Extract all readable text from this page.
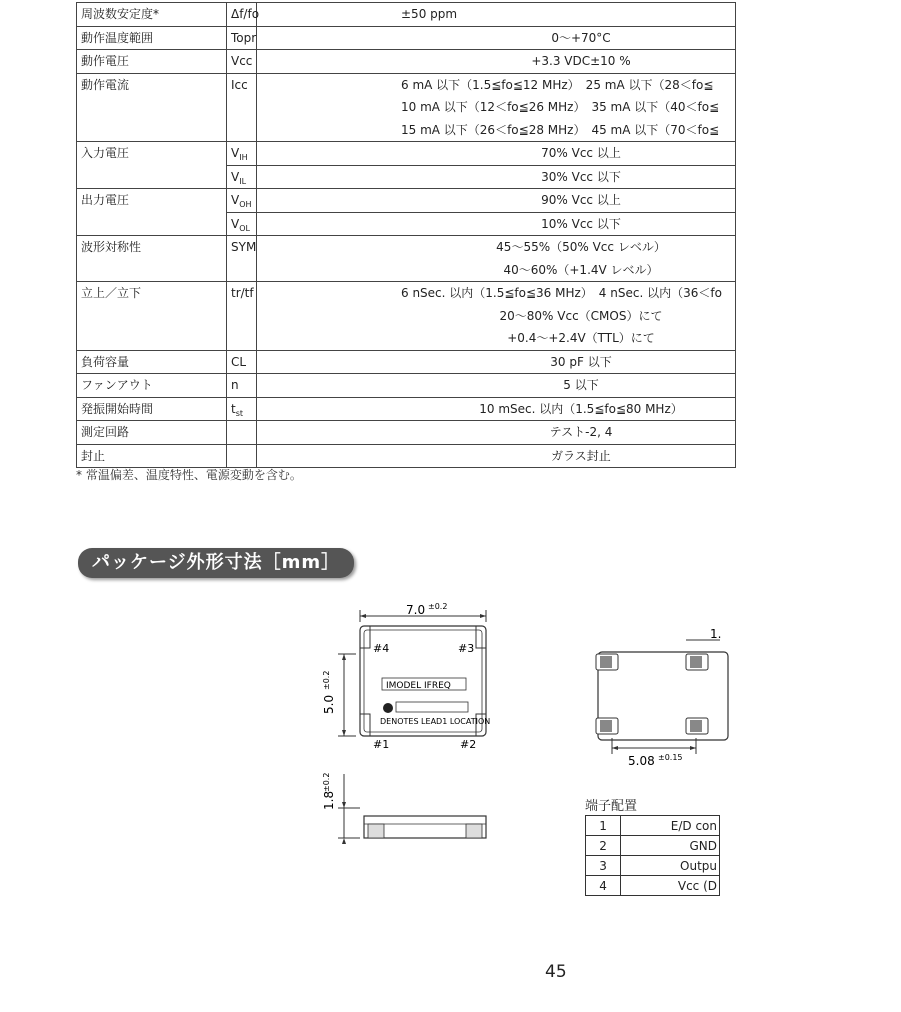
周波数安定度*	Δf/fo	±50 ppm

動作温度範囲	Topr	0～+70°C

動作電圧	Vcc	+3.3 VDC±10 %

動作電流	Icc	6 mA 以下（1.5≦fo≦12 MHz）　25 mA 以下（28＜fo≦
10 mA 以下（12＜fo≦26 MHz）　35 mA 以下（40＜fo≦
15 mA 以下（26＜fo≦28 MHz）　45 mA 以下（70＜fo≦

入力電圧	$V_{IH}$	70% Vcc 以上

	$V_{IL}$	30% Vcc 以下

出力電圧	$V_{OH}$	90% Vcc 以上

	$V_{OL}$	10% Vcc 以下

波形対称性	SYM	45～55%（50% Vcc レベル）
40～60%（+1.4V レベル）

立上／立下	tr/tf	6 nSec. 以内（1.5≦fo≦36 MHz）　4 nSec. 以内（36＜fo
20～80% Vcc（CMOS）にて
+0.4～+2.4V（TTL）にて

負荷容量	CL	30 pF 以下

ファンアウト	n	5 以下

発振開始時間	$t_{st}$	10 mSec. 以内（1.5≦fo≦80 MHz）

測定回路		テスト-2, 4

封止		ガラス封止
* 常温偏差、温度特性、電源変動を含む。
パッケージ外形寸法［mm］
7.0 ±0.2
#4	#3
#1	#2
IMODEL IFREQ
DENOTES LEAD1 LOCATION
5.0
±0.2
1.8
±0.2
1.
5.08 ±0.15
端子配置
1	E/D con
2	GND
3	Outpu
4	Vcc (D
45
